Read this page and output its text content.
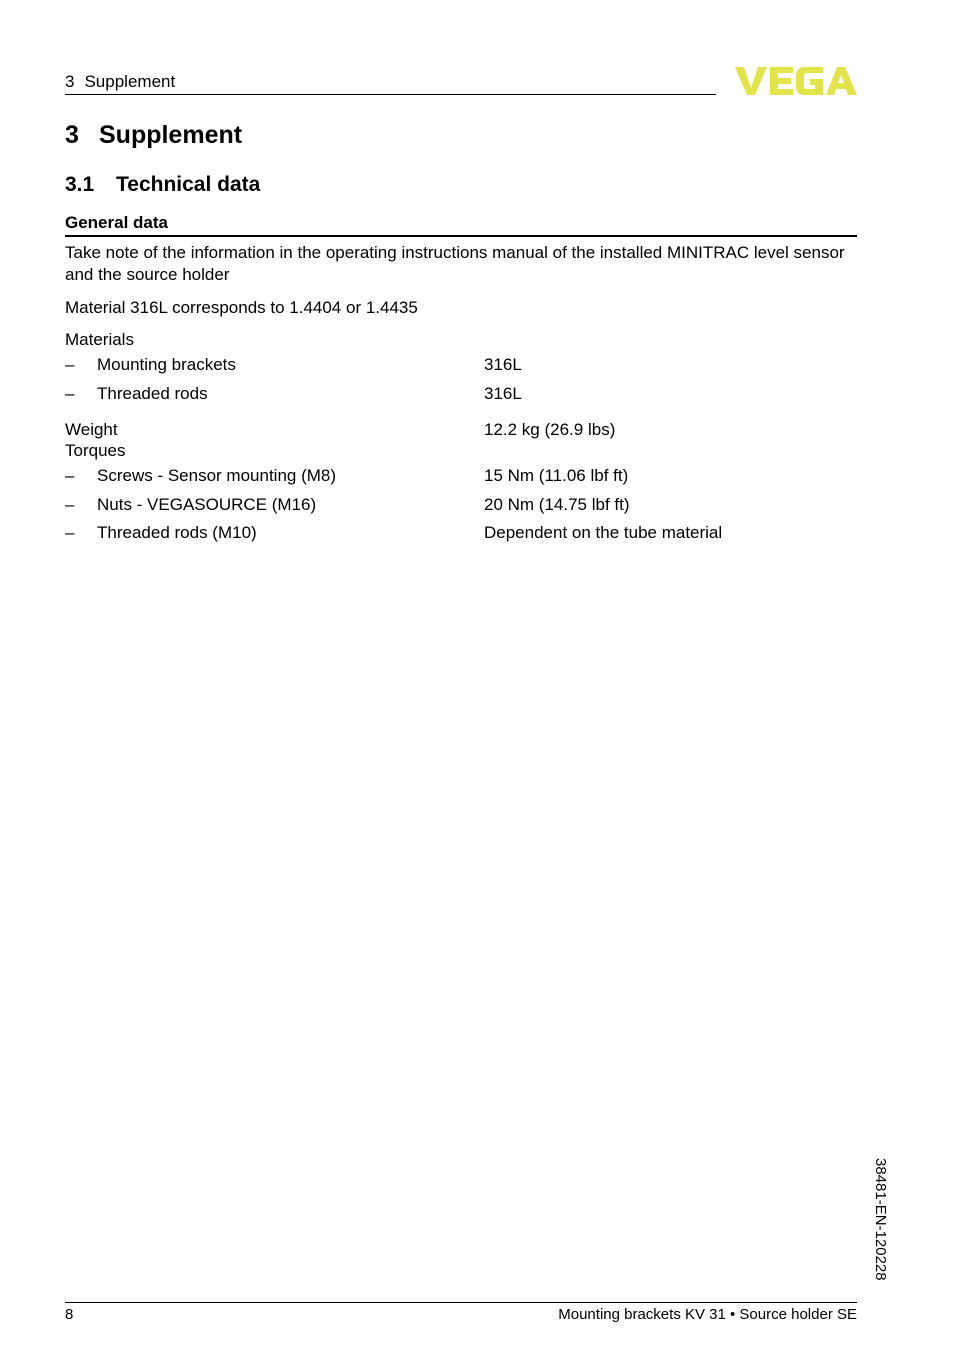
3 Supplement
3 Supplement
3.1 Technical data
General data
Take note of the information in the operating instructions manual of the installed MINITRAC level sensor and the source holder
Material 316L corresponds to 1.4404 or 1.4435
Materials
– Mounting brackets	316L
– Threaded rods	316L
Weight	12.2 kg (26.9 lbs)
Torques
– Screws - Sensor mounting (M8)	15 Nm (11.06 lbf ft)
– Nuts - VEGASOURCE (M16)	20 Nm (14.75 lbf ft)
– Threaded rods (M10)	Dependent on the tube material
38481-EN-120228
8	Mounting brackets KV 31 • Source holder SE
